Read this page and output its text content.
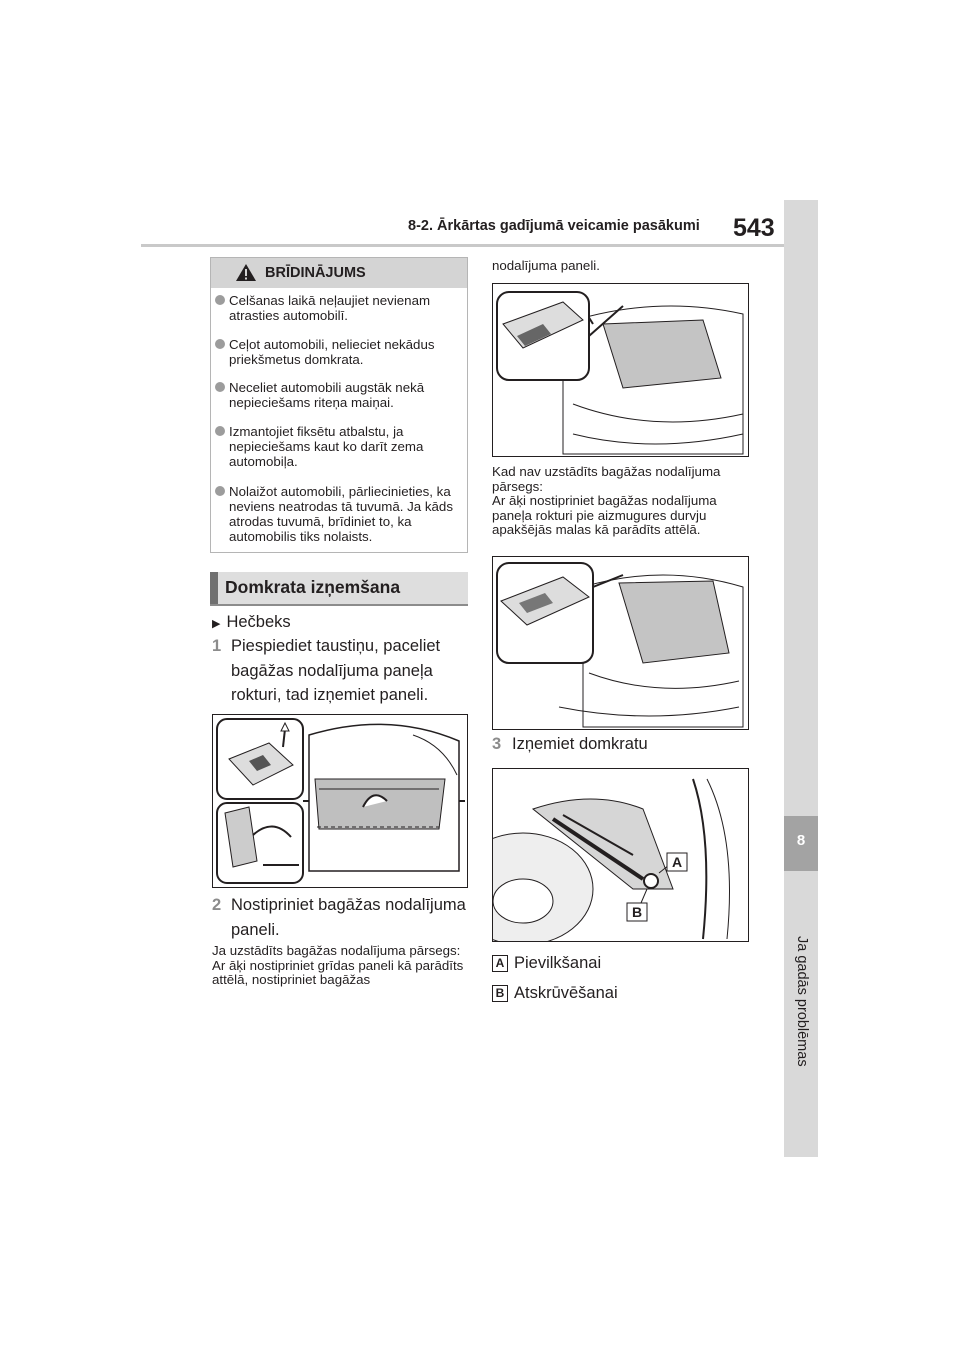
8-2. Ārkārtas gadījumā veicamie pasākumi 543
8
Ja gadās problēmas
BRĪDINĀJUMS
Celšanas laikā neļaujiet nevienam atrasties automobilī.
Ceļot automobili, nelieciet nekādus priekšmetus domkrata.
Neceliet automobili augstāk nekā nepieciešams riteņa maiņai.
Izmantojiet fiksētu atbalstu, ja nepieciešams kaut ko darīt zema automobiļa.
Nolaižot automobili, pārliecinieties, ka neviens neatrodas tā tuvumā. Ja kāds atrodas tuvumā, brīdiniet to, ka automobilis tiks nolaists.
Domkrata izņemšana
▶ Hečbeks
1 Piespiediet taustiņu, paceliet bagāžas nodalījuma paneļa rokturi, tad izņemiet paneli.
2 Nostipriniet bagāžas nodalījuma paneli.
Ja uzstādīts bagāžas nodalījuma pārsegs:
Ar āķi nostipriniet grīdas paneli kā parādīts attēlā, nostipriniet bagāžas
nodalījuma paneli.
Kad nav uzstādīts bagāžas nodalījuma pārsegs:
Ar āķi nostipriniet bagāžas nodalījuma paneļa rokturi pie aizmugures durvju apakšējās malas kā parādīts attēlā.
3 Izņemiet domkratu
A
B
A Pievilkšanai
B Atskrūvēšanai
